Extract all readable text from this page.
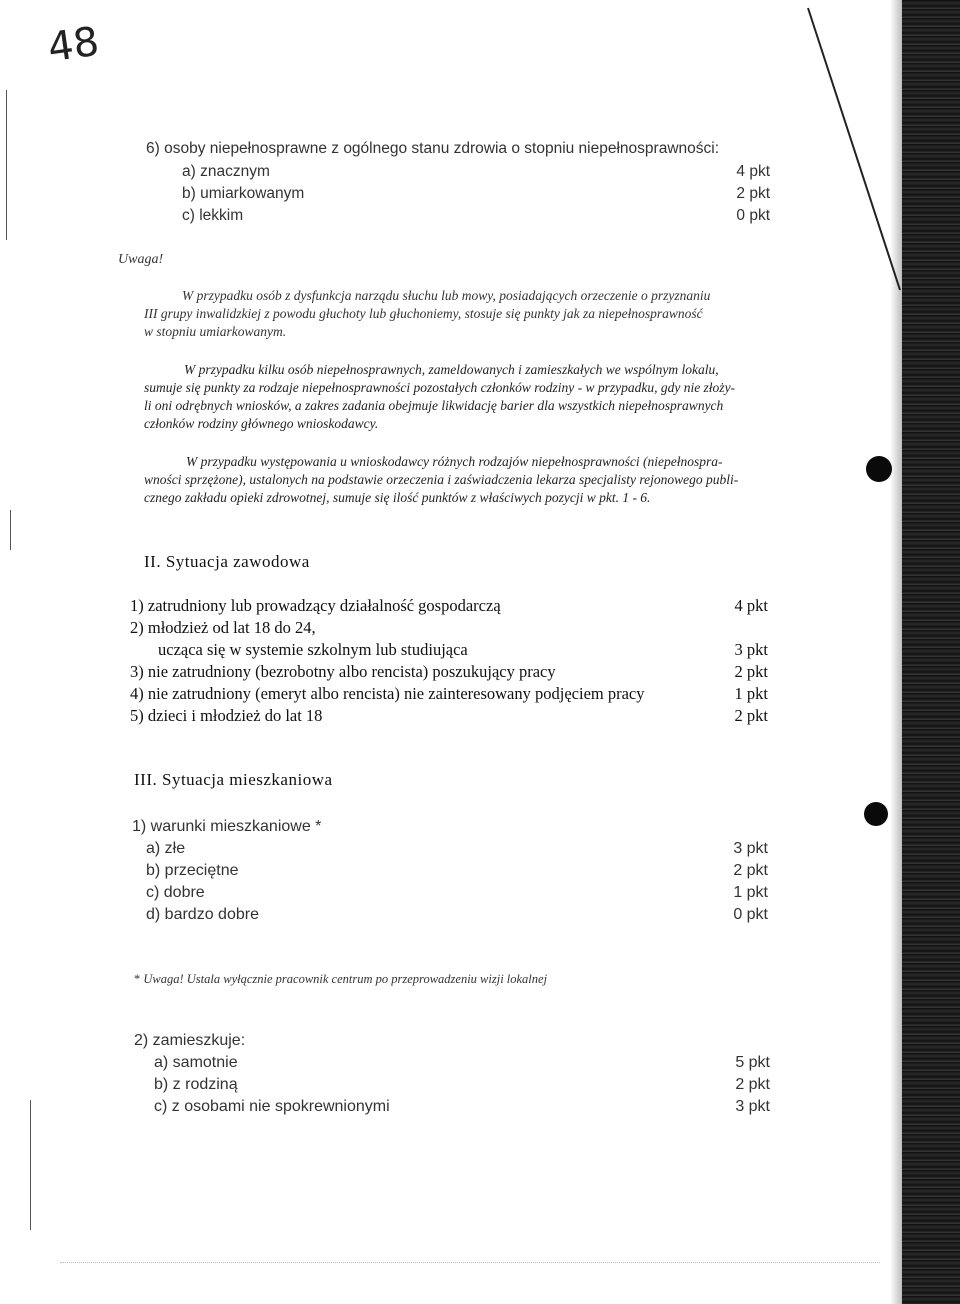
48
6) osoby niepełnosprawne z ogólnego stanu zdrowia o stopniu niepełnosprawności:
a) znacznym	4 pkt
b) umiarkowanym	2 pkt
c) lekkim	0 pkt
Uwaga!
W przypadku osób z dysfunkcja narządu słuchu lub mowy, posiadających orzeczenie o przyznaniu
III grupy inwalidzkiej z powodu głuchoty lub głuchoniemy, stosuje się punkty jak za niepełnosprawność
w stopniu umiarkowanym.
W przypadku kilku osób niepełnosprawnych, zameldowanych i zamieszkałych we wspólnym lokalu,
sumuje się punkty za rodzaje niepełnosprawności pozostałych członków rodziny - w przypadku, gdy nie złoży-
li oni odrębnych wniosków, a zakres zadania obejmuje likwidację barier dla wszystkich niepełnosprawnych
członków rodziny głównego wnioskodawcy.
W przypadku występowania u wnioskodawcy różnych rodzajów niepełnosprawności (niepełnospra-
wności sprzężone), ustalonych na podstawie orzeczenia i zaświadczenia lekarza specjalisty rejonowego publi-
cznego zakładu opieki zdrowotnej, sumuje się ilość punktów z właściwych pozycji w pkt. 1 - 6.
II. Sytuacja zawodowa
1) zatrudniony lub prowadzący działalność gospodarczą	4 pkt
2) młodzież od lat 18 do 24,
ucząca się w systemie szkolnym lub studiująca	3 pkt
3) nie zatrudniony (bezrobotny albo rencista) poszukujący pracy	2 pkt
4) nie zatrudniony (emeryt albo rencista) nie zainteresowany podjęciem pracy	1 pkt
5) dzieci i młodzież do lat 18	2 pkt
III. Sytuacja mieszkaniowa
1) warunki mieszkaniowe *
a) złe	3 pkt
b) przeciętne	2 pkt
c) dobre	1 pkt
d) bardzo dobre	0 pkt
* Uwaga! Ustala wyłącznie pracownik centrum po przeprowadzeniu wizji lokalnej
2) zamieszkuje:
a) samotnie	5 pkt
b) z rodziną	2 pkt
c) z osobami nie spokrewnionymi	3 pkt
